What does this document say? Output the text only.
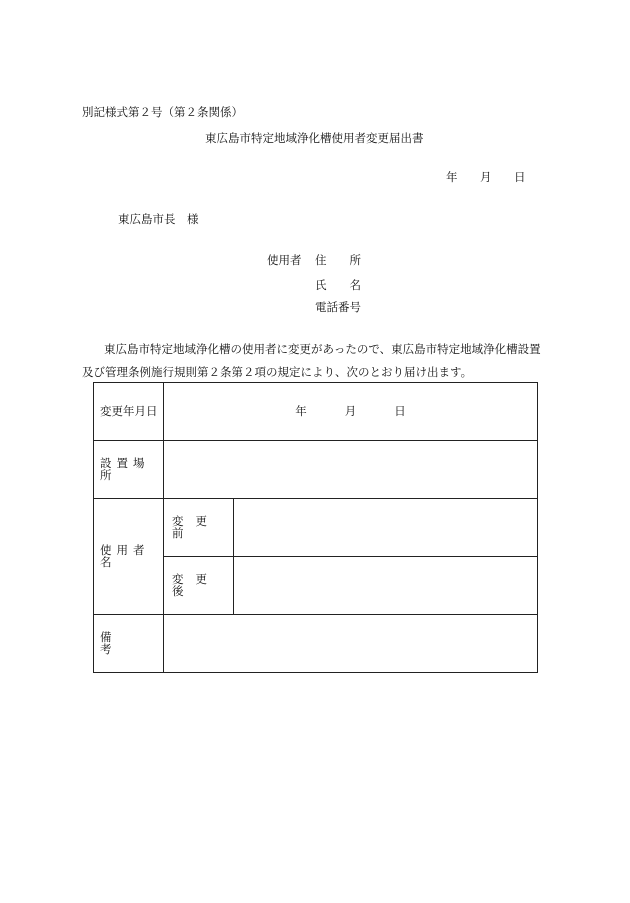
別記様式第２号（第２条関係）
東広島市特定地域浄化槽使用者変更届出書
年 月 日
東広島市長　様
使用者 住　　所
氏　　名
電話番号
東広島市特定地域浄化槽の使用者に変更があったので、東広島市特定地域浄化槽設置
及び管理条例施行規則第２条第２項の規定により、次のとおり届け出ます。
変更年月日	年 月 日	

設置場所		

使用者名	変更前	
	変更後	
備考		
